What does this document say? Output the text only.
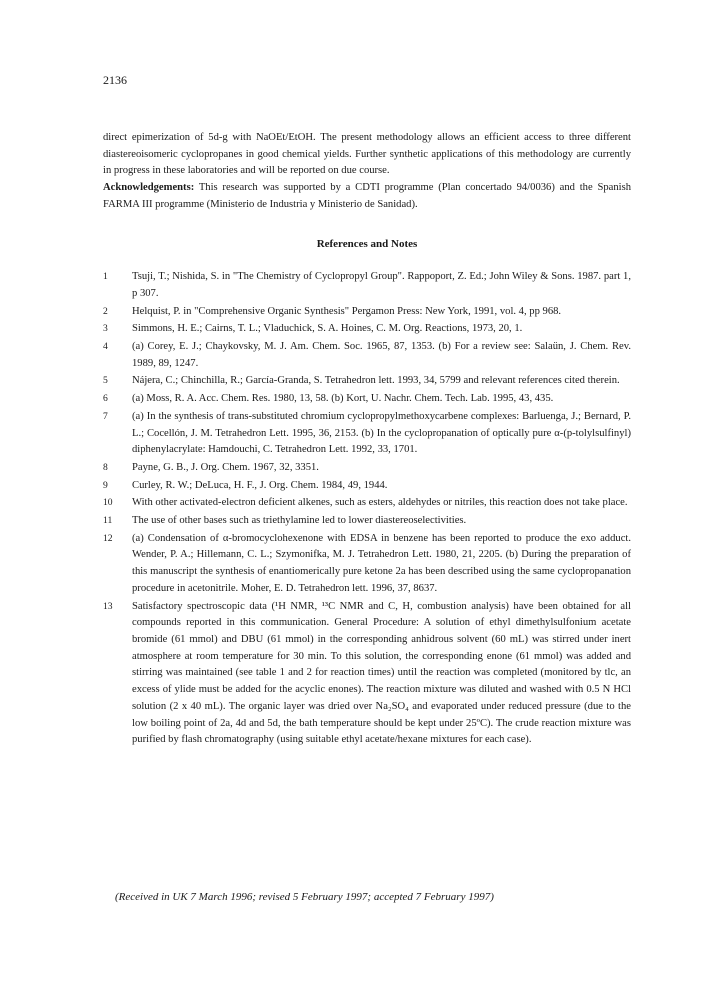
2136

direct epimerization of 5d-g with NaOEt/EtOH. The present methodology allows an efficient access to three different diastereoisomeric cyclopropanes in good chemical yields. Further synthetic applications of this methodology are currently in progress in these laboratories and will be reported on due course.

Acknowledgements: This research was supported by a CDTI programme (Plan concertado 94/0036) and the Spanish FARMA III programme (Ministerio de Industria y Ministerio de Sanidad).

References and Notes
1	Tsuji, T.; Nishida, S. in "The Chemistry of Cyclopropyl Group". Rappoport, Z. Ed.; John Wiley & Sons. 1987. part 1, p 307.
2	Helquist, P. in "Comprehensive Organic Synthesis" Pergamon Press: New York, 1991, vol. 4, pp 968.
3	Simmons, H. E.; Cairns, T. L.; Vladuchick, S. A. Hoines, C. M. Org. Reactions, 1973, 20, 1.
4	(a) Corey, E. J.; Chaykovsky, M. J. Am. Chem. Soc. 1965, 87, 1353. (b) For a review see: Salaün, J. Chem. Rev. 1989, 89, 1247.
5	Nájera, C.; Chinchilla, R.; García-Granda, S. Tetrahedron lett. 1993, 34, 5799 and relevant references cited therein.
6	(a) Moss, R. A. Acc. Chem. Res. 1980, 13, 58. (b) Kort, U. Nachr. Chem. Tech. Lab. 1995, 43, 435.
7	(a) In the synthesis of trans-substituted chromium cyclopropylmethoxycarbene complexes: Barluenga, J.; Bernard, P. L.; Cocellón, J. M. Tetrahedron Lett. 1995, 36, 2153. (b) In the cyclopropanation of optically pure α-(p-tolylsulfinyl) diphenylacrylate: Hamdouchi, C. Tetrahedron Lett. 1992, 33, 1701.
8	Payne, G. B., J. Org. Chem. 1967, 32, 3351.
9	Curley, R. W.; DeLuca, H. F., J. Org. Chem. 1984, 49, 1944.
10	With other activated-electron deficient alkenes, such as esters, aldehydes or nitriles, this reaction does not take place.
11	The use of other bases such as triethylamine led to lower diastereoselectivities.
12	(a) Condensation of α-bromocyclohexenone with EDSA in benzene has been reported to produce the exo adduct. Wender, P. A.; Hillemann, C. L.; Szymonifka, M. J. Tetrahedron Lett. 1980, 21, 2205. (b) During the preparation of this manuscript the synthesis of enantiomerically pure ketone 2a has been described using the same cyclopropanation procedure in acetonitrile. Moher, E. D. Tetrahedron lett. 1996, 37, 8637.
13	Satisfactory spectroscopic data (¹H NMR, ¹³C NMR and C, H, combustion analysis) have been obtained for all compounds reported in this communication. General Procedure: A solution of ethyl dimethylsulfonium acetate bromide (61 mmol) and DBU (61 mmol) in the corresponding anhidrous solvent (60 mL) was stirred under inert atmosphere at room temperature for 30 min. To this solution, the corresponding enone (61 mmol) was added and stirring was maintained (see table 1 and 2 for reaction times) until the reaction was completed (monitored by tlc, an excess of ylide must be added for the acyclic enones). The reaction mixture was diluted and washed with 0.5 N HCl solution (2 x 40 mL). The organic layer was dried over Na₂SO₄ and evaporated under reduced pressure (due to the low boiling point of 2a, 4d and 5d, the bath temperature should be kept under 25ºC). The crude reaction mixture was purified by flash chromatography (using suitable ethyl acetate/hexane mixtures for each case).
(Received in UK 7 March 1996; revised 5 February 1997; accepted 7 February 1997)
